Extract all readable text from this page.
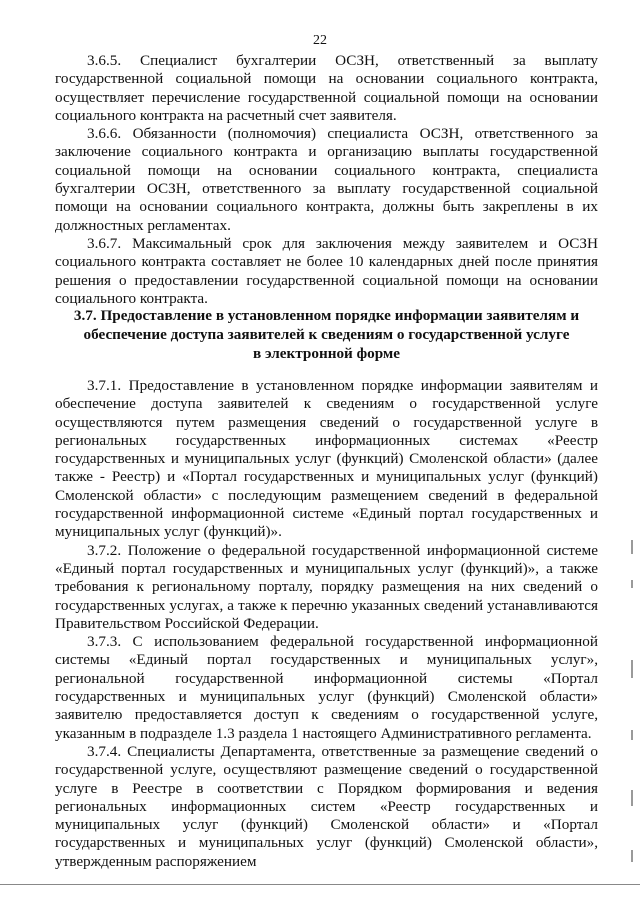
22

3.6.5. Специалист бухгалтерии ОСЗН, ответственный за выплату государственной социальной помощи на основании социального контракта, осуществляет перечисление государственной социальной помощи на основании социального контракта на расчетный счет заявителя.

3.6.6. Обязанности (полномочия) специалиста ОСЗН, ответственного за заключение социального контракта и организацию выплаты государственной социальной помощи на основании социального контракта, специалиста бухгалтерии ОСЗН, ответственного за выплату государственной социальной помощи на основании социального контракта, должны быть закреплены в их должностных регламентах.

3.6.7. Максимальный срок для заключения между заявителем и ОСЗН социального контракта составляет не более 10 календарных дней после принятия решения о предоставлении государственной социальной помощи на основании социального контракта.

3.7. Предоставление в установленном порядке информации заявителям и
обеспечение доступа заявителей к сведениям о государственной услуге
в электронной форме

3.7.1. Предоставление в установленном порядке информации заявителям и обеспечение доступа заявителей к сведениям о государственной услуге осуществляются путем размещения сведений о государственной услуге в региональных государственных информационных системах «Реестр государственных и муниципальных услуг (функций) Смоленской области» (далее также - Реестр) и «Портал государственных и муниципальных услуг (функций) Смоленской области» с последующим размещением сведений в федеральной государственной информационной системе «Единый портал государственных и муниципальных услуг (функций)».

3.7.2. Положение о федеральной государственной информационной системе «Единый портал государственных и муниципальных услуг (функций)», а также требования к региональному порталу, порядку размещения на них сведений о государственных услугах, а также к перечню указанных сведений устанавливаются Правительством Российской Федерации.

3.7.3. С использованием федеральной государственной информационной системы «Единый портал государственных и муниципальных услуг», региональной государственной информационной системы «Портал государственных и муниципальных услуг (функций) Смоленской области» заявителю предоставляется доступ к сведениям о государственной услуге, указанным в подразделе 1.3 раздела 1 настоящего Административного регламента.

3.7.4. Специалисты Департамента, ответственные за размещение сведений о государственной услуге, осуществляют размещение сведений о государственной услуге в Реестре в соответствии с Порядком формирования и ведения региональных информационных систем «Реестр государственных и муниципальных услуг (функций) Смоленской области» и «Портал государственных и муниципальных услуг (функций) Смоленской области», утвержденным распоряжением
